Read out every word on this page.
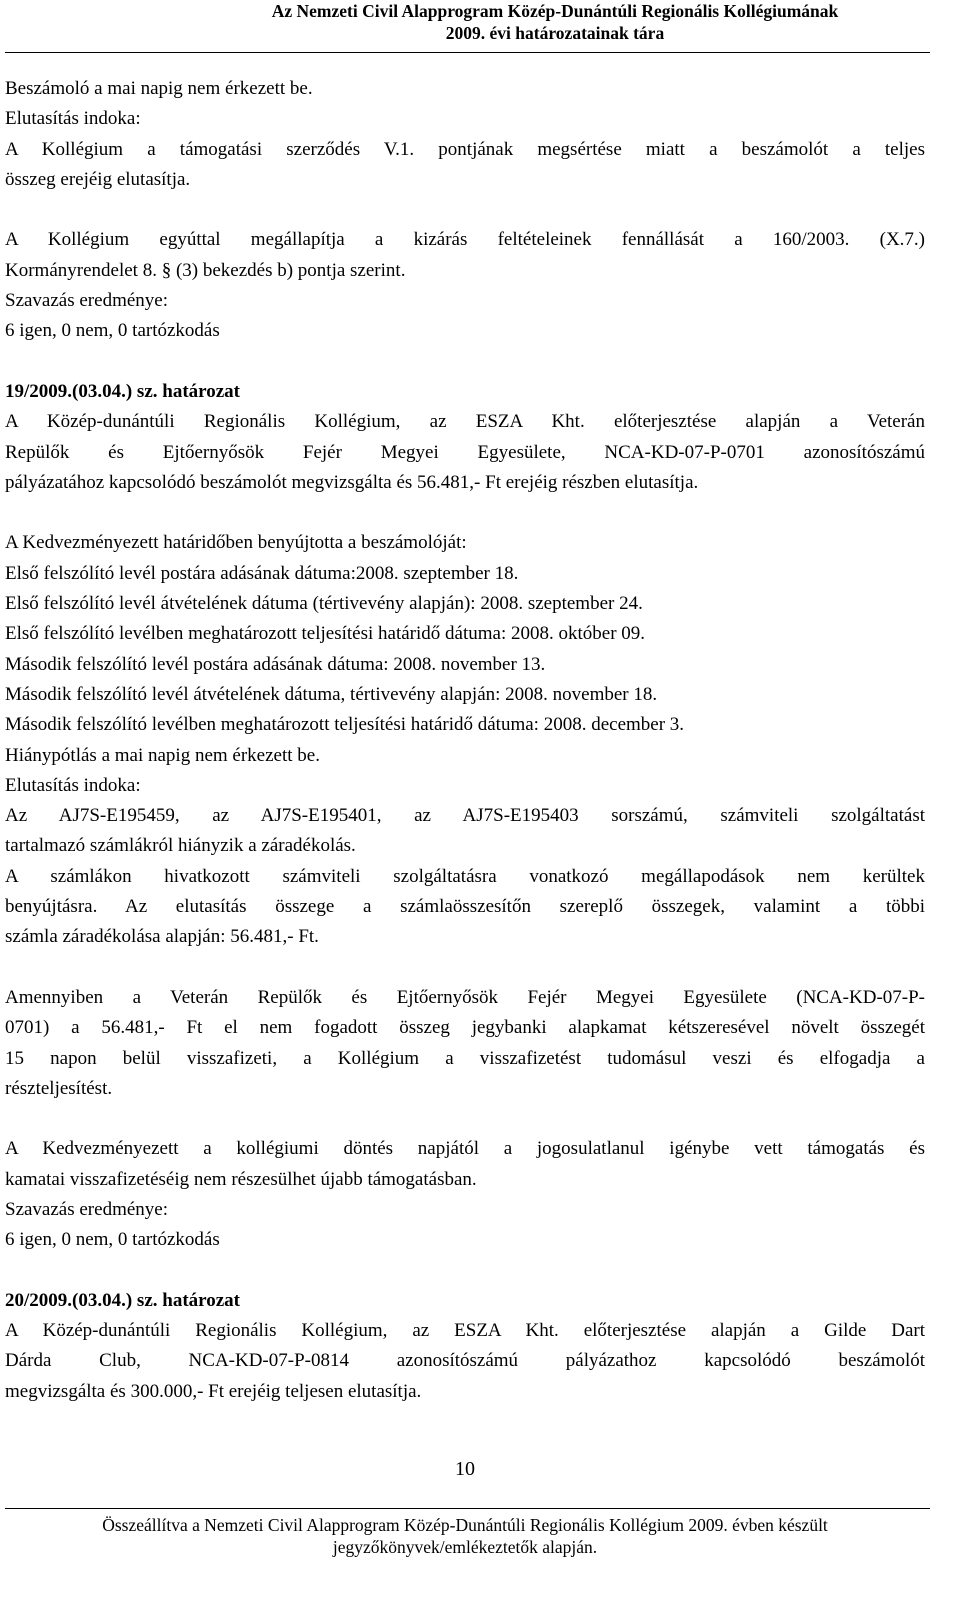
Az Nemzeti Civil Alapprogram Közép-Dunántúli Regionális Kollégiumának
2009. évi határozatainak tára

Beszámoló a mai napig nem érkezett be.

Elutasítás indoka:

A Kollégium a támogatási szerződés V.1. pontjának megsértése miatt a beszámolót a teljes

összeg erejéig elutasítja.

A Kollégium egyúttal megállapítja a kizárás feltételeinek fennállását a 160/2003. (X.7.)

Kormányrendelet 8. § (3) bekezdés b) pontja szerint.

Szavazás eredménye:

6 igen, 0 nem, 0 tartózkodás

19/2009.(03.04.) sz. határozat

A Közép-dunántúli Regionális Kollégium, az ESZA Kht. előterjesztése alapján a Veterán

Repülők és Ejtőernyősök Fejér Megyei Egyesülete, NCA-KD-07-P-0701 azonosítószámú

pályázatához kapcsolódó beszámolót megvizsgálta és 56.481,- Ft erejéig részben elutasítja.

A Kedvezményezett határidőben benyújtotta a beszámolóját:

Első felszólító levél postára adásának dátuma:2008. szeptember 18.

Első felszólító levél átvételének dátuma (tértivevény alapján): 2008. szeptember 24.

Első felszólító levélben meghatározott teljesítési határidő dátuma: 2008. október 09.

Második felszólító levél postára adásának dátuma: 2008. november 13.

Második felszólító levél átvételének dátuma, tértivevény alapján: 2008. november 18.

Második felszólító levélben meghatározott teljesítési határidő dátuma: 2008. december 3.

Hiánypótlás a mai napig nem érkezett be.

Elutasítás indoka:

Az AJ7S-E195459, az AJ7S-E195401, az AJ7S-E195403 sorszámú, számviteli szolgáltatást

tartalmazó számlákról hiányzik a záradékolás.

A számlákon hivatkozott számviteli szolgáltatásra vonatkozó megállapodások nem kerültek

benyújtásra. Az elutasítás összege a számlaösszesítőn szereplő összegek, valamint a többi

számla záradékolása alapján: 56.481,- Ft.

Amennyiben a Veterán Repülők és Ejtőernyősök Fejér Megyei Egyesülete (NCA-KD-07-P-

0701) a 56.481,- Ft el nem fogadott összeg jegybanki alapkamat kétszeresével növelt összegét

15 napon belül visszafizeti, a Kollégium a visszafizetést tudomásul veszi és elfogadja a

részteljesítést.

A Kedvezményezett a kollégiumi döntés napjától a jogosulatlanul igénybe vett támogatás és

kamatai visszafizetéséig nem részesülhet újabb támogatásban.

Szavazás eredménye:

6 igen, 0 nem, 0 tartózkodás

20/2009.(03.04.) sz. határozat

A Közép-dunántúli Regionális Kollégium, az ESZA Kht. előterjesztése alapján a Gilde Dart

Dárda Club, NCA-KD-07-P-0814 azonosítószámú pályázathoz kapcsolódó beszámolót

megvizsgálta és 300.000,- Ft erejéig teljesen elutasítja.

10
Összeállítva a Nemzeti Civil Alapprogram Közép-Dunántúli Regionális Kollégium 2009. évben készült
jegyzőkönyvek/emlékeztetők alapján.
